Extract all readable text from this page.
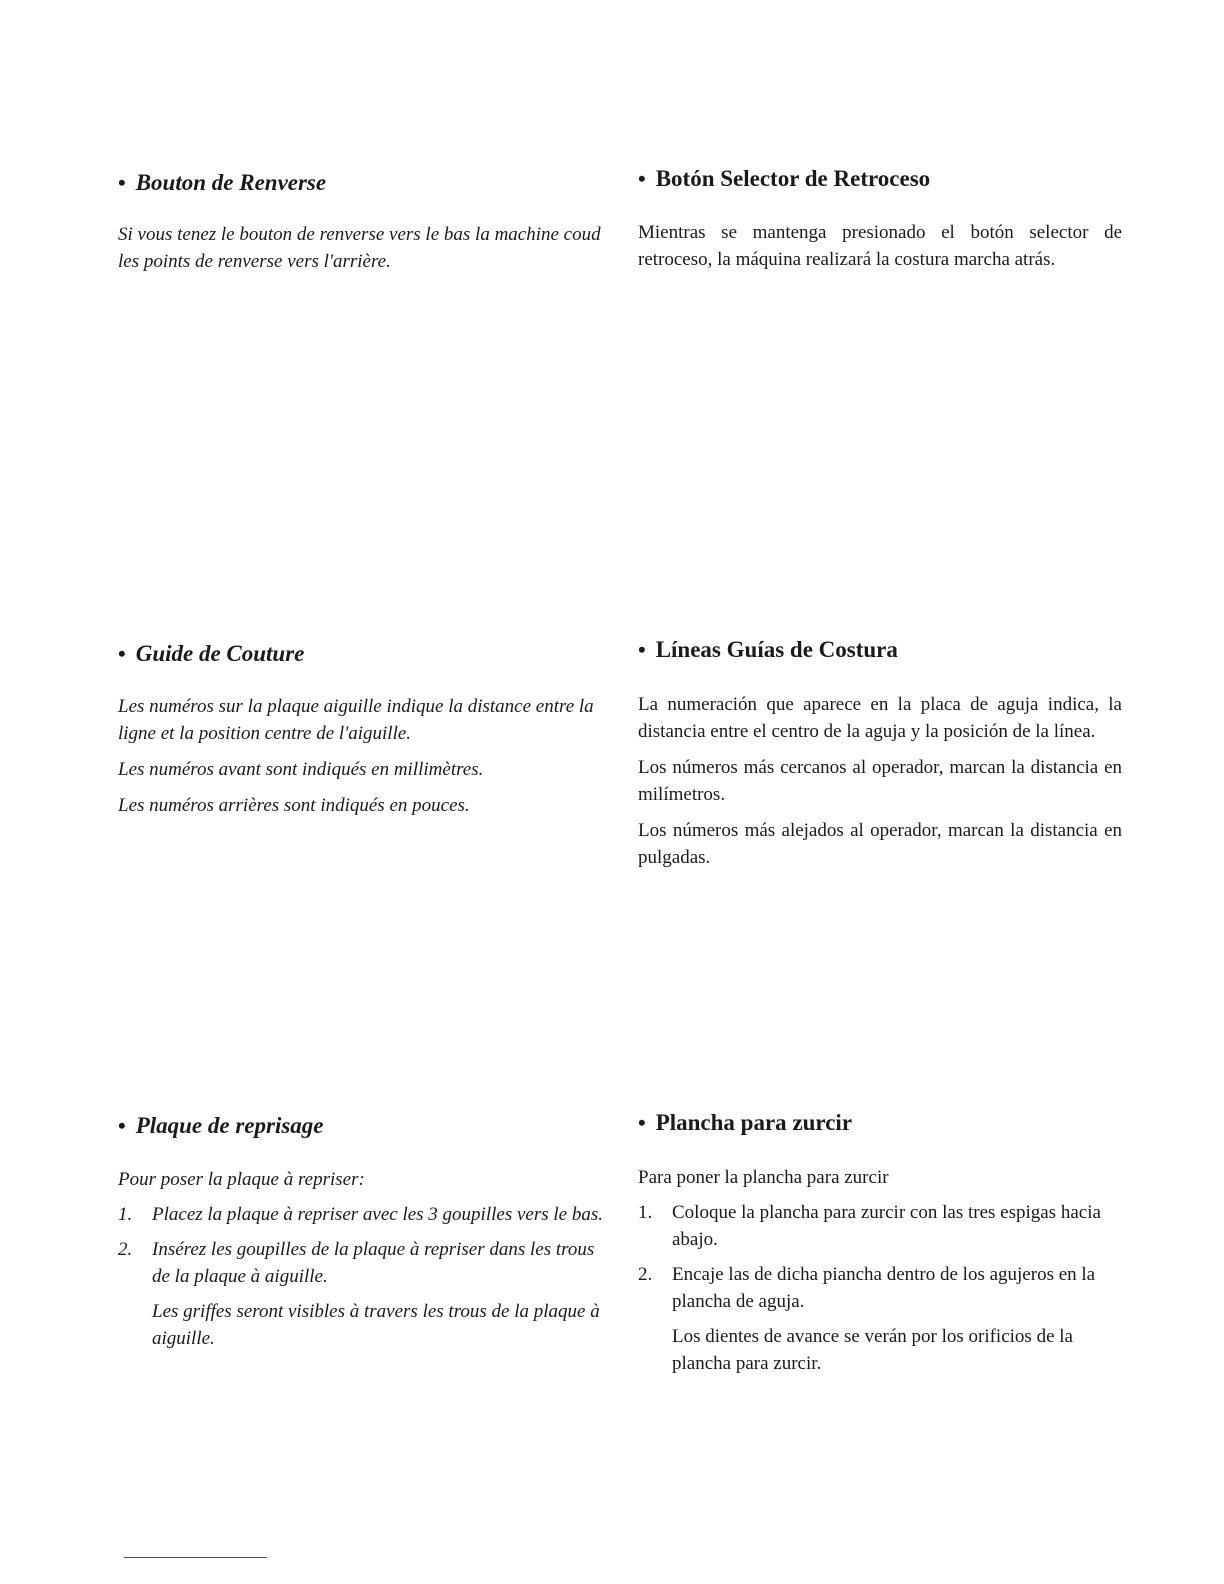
• Bouton de Renverse

Si vous tenez le bouton de renverse vers le bas la machine coud les points de renverse vers l'arrière.

• Botón Selector de Retroceso

Mientras se mantenga presionado el botón selector de retroceso, la máquina realizará la costura marcha atrás.

• Guide de Couture

Les numéros sur la plaque aiguille indique la distance entre la ligne et la position centre de l'aiguille.

Les numéros avant sont indiqués en millimètres.

Les numéros arrières sont indiqués en pouces.

• Líneas Guías de Costura

La numeración que aparece en la placa de aguja indica, la distancia entre el centro de la aguja y la posición de la línea.

Los números más cercanos al operador, marcan la distancia en milímetros.

Los números más alejados al operador, marcan la distancia en pulgadas.

• Plaque de reprisage

Pour poser la plaque à repriser:

1.	Placez la plaque à repriser avec les 3 goupilles vers le bas.
2.	Insérez les goupilles de la plaque à repriser dans les trous de la plaque à aiguille.
Les griffes seront visibles à travers les trous de la plaque à aiguille.
• Plancha para zurcir

Para poner la plancha para zurcir

1.	Coloque la plancha para zurcir con las tres espigas hacia abajo.
2.	Encaje las de dicha piancha dentro de los agujeros en la plancha de aguja.
Los dientes de avance se verán por los orificios de la plancha para zurcir.
